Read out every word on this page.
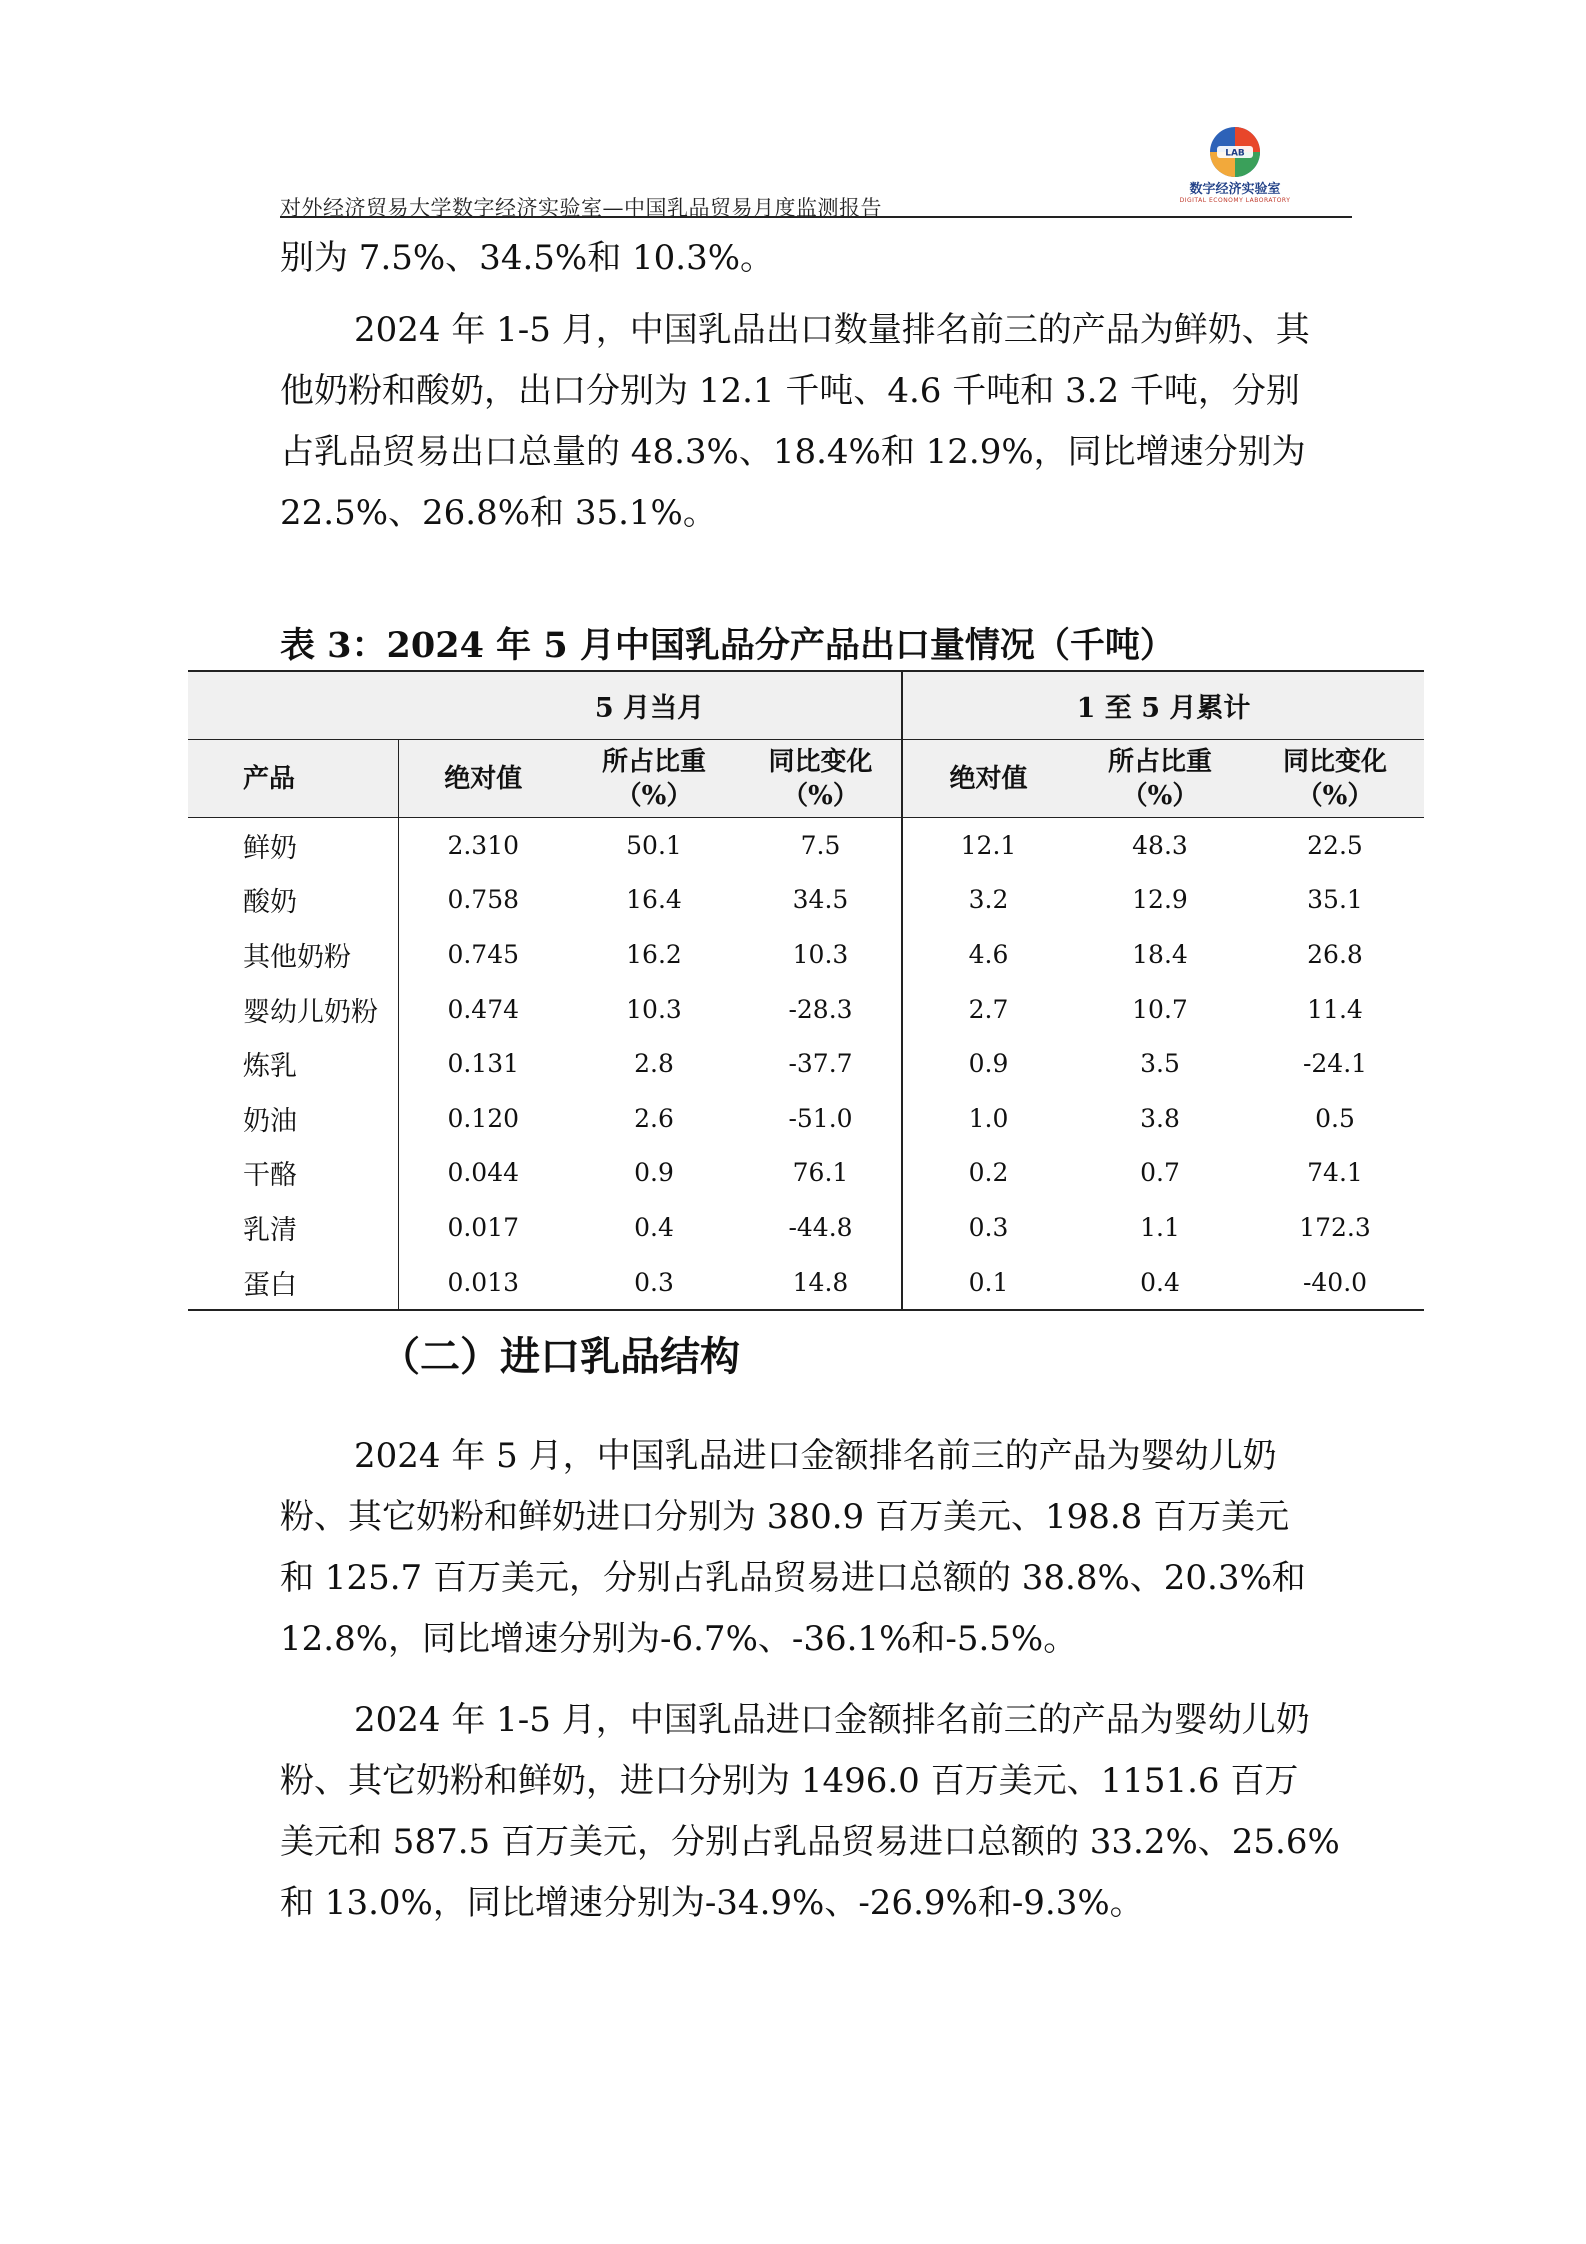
对外经济贸易大学数字经济实验室—中国乳品贸易月度监测报告
LAB
数字经济实验室
DIGITAL ECONOMY LABORATORY

别为 7.5%、34.5%和 10.3%。

2024 年 1-5 月，中国乳品出口数量排名前三的产品为鲜奶、其
他奶粉和酸奶，出口分别为 12.1 千吨、4.6 千吨和 3.2 千吨，分别
占乳品贸易出口总量的 48.3%、18.4%和 12.9%，同比增速分别为
22.5%、26.8%和 35.1%。

表 3：2024 年 5 月中国乳品分产品出口量情况（千吨）

	5 月当月			1 至 5 月累计		
产品	绝对值	所占比重
（%）	同比变化
（%）	绝对值	所占比重
（%）	同比变化
（%）
鲜奶	2.310	50.1	7.5	12.1	48.3	22.5
酸奶	0.758	16.4	34.5	3.2	12.9	35.1
其他奶粉	0.745	16.2	10.3	4.6	18.4	26.8
婴幼儿奶粉	0.474	10.3	-28.3	2.7	10.7	11.4
炼乳	0.131	2.8	-37.7	0.9	3.5	-24.1
奶油	0.120	2.6	-51.0	1.0	3.8	0.5
干酪	0.044	0.9	76.1	0.2	0.7	74.1
乳清	0.017	0.4	-44.8	0.3	1.1	172.3
蛋白	0.013	0.3	14.8	0.1	0.4	-40.0

（二）进口乳品结构

2024 年 5 月，中国乳品进口金额排名前三的产品为婴幼儿奶
粉、其它奶粉和鲜奶进口分别为 380.9 百万美元、198.8 百万美元
和 125.7 百万美元，分别占乳品贸易进口总额的 38.8%、20.3%和
12.8%，同比增速分别为-6.7%、-36.1%和-5.5%。
2024 年 1-5 月，中国乳品进口金额排名前三的产品为婴幼儿奶
粉、其它奶粉和鲜奶，进口分别为 1496.0 百万美元、1151.6 百万
美元和 587.5 百万美元，分别占乳品贸易进口总额的 33.2%、25.6%
和 13.0%，同比增速分别为-34.9%、-26.9%和-9.3%。
